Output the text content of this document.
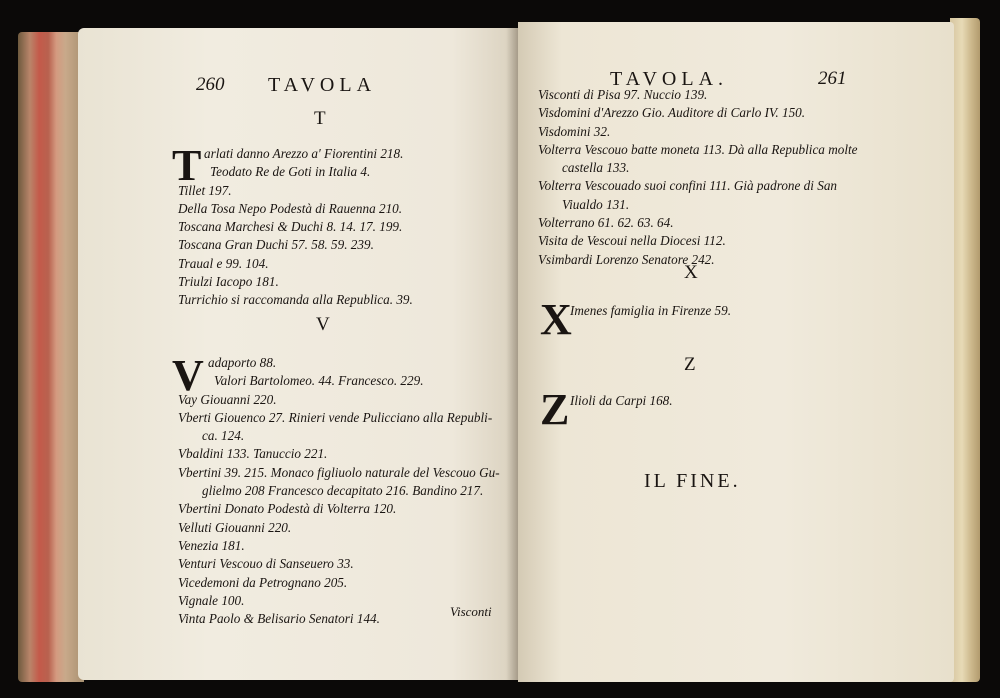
260 TAVOLA
T
T arlati danno Arezzo a' Fiorentini 218.
Teodato Re de Goti in Italia 4.
Tillet 197.
Della Tosa Nepo Podestà di Rauenna 210.
Toscana Marchesi & Duchi 8. 14. 17. 199.
Toscana Gran Duchi 57. 58. 59. 239.
Traual e 99. 104.
Triulzi Iacopo 181.
Turrichio si raccomanda alla Republica. 39.
V
V adaporto 88.
Valori Bartolomeo. 44. Francesco. 229.
Vay Giouanni 220.
Vberti Giouenco 27. Rinieri vende Pulicciano alla Republi-
ca. 124.
Vbaldini 133. Tanuccio 221.
Vbertini 39. 215. Monaco figliuolo naturale del Vescouo Gu-
glielmo 208 Francesco decapitato 216. Bandino 217.
Vbertini Donato Podestà di Volterra 120.
Velluti Giouanni 220.
Venezia 181.
Venturi Vescouo di Sanseuero 33.
Vicedemoni da Petrognano 205.
Vignale 100.
Vinta Paolo & Belisario Senatori 144.	Visconti
TAVOLA.	261
Visconti di Pisa 97. Nuccio 139.
Visdomini d'Arezzo Gio. Auditore di Carlo IV. 150.
Visdomini 32.
Volterra Vescouo batte moneta 113. Dà alla Republica molte
castella 133.
Volterra Vescouado suoi confini 111. Già padrone di San
Viualdo 131.
Volterrano 61. 62. 63. 64.
Visita de Vescoui nella Diocesi 112.
Vsimbardi Lorenzo Senatore 242.
X
X
Imenes famiglia in Firenze 59.
Z
Z Ilioli da Carpi 168.
IL FINE.
